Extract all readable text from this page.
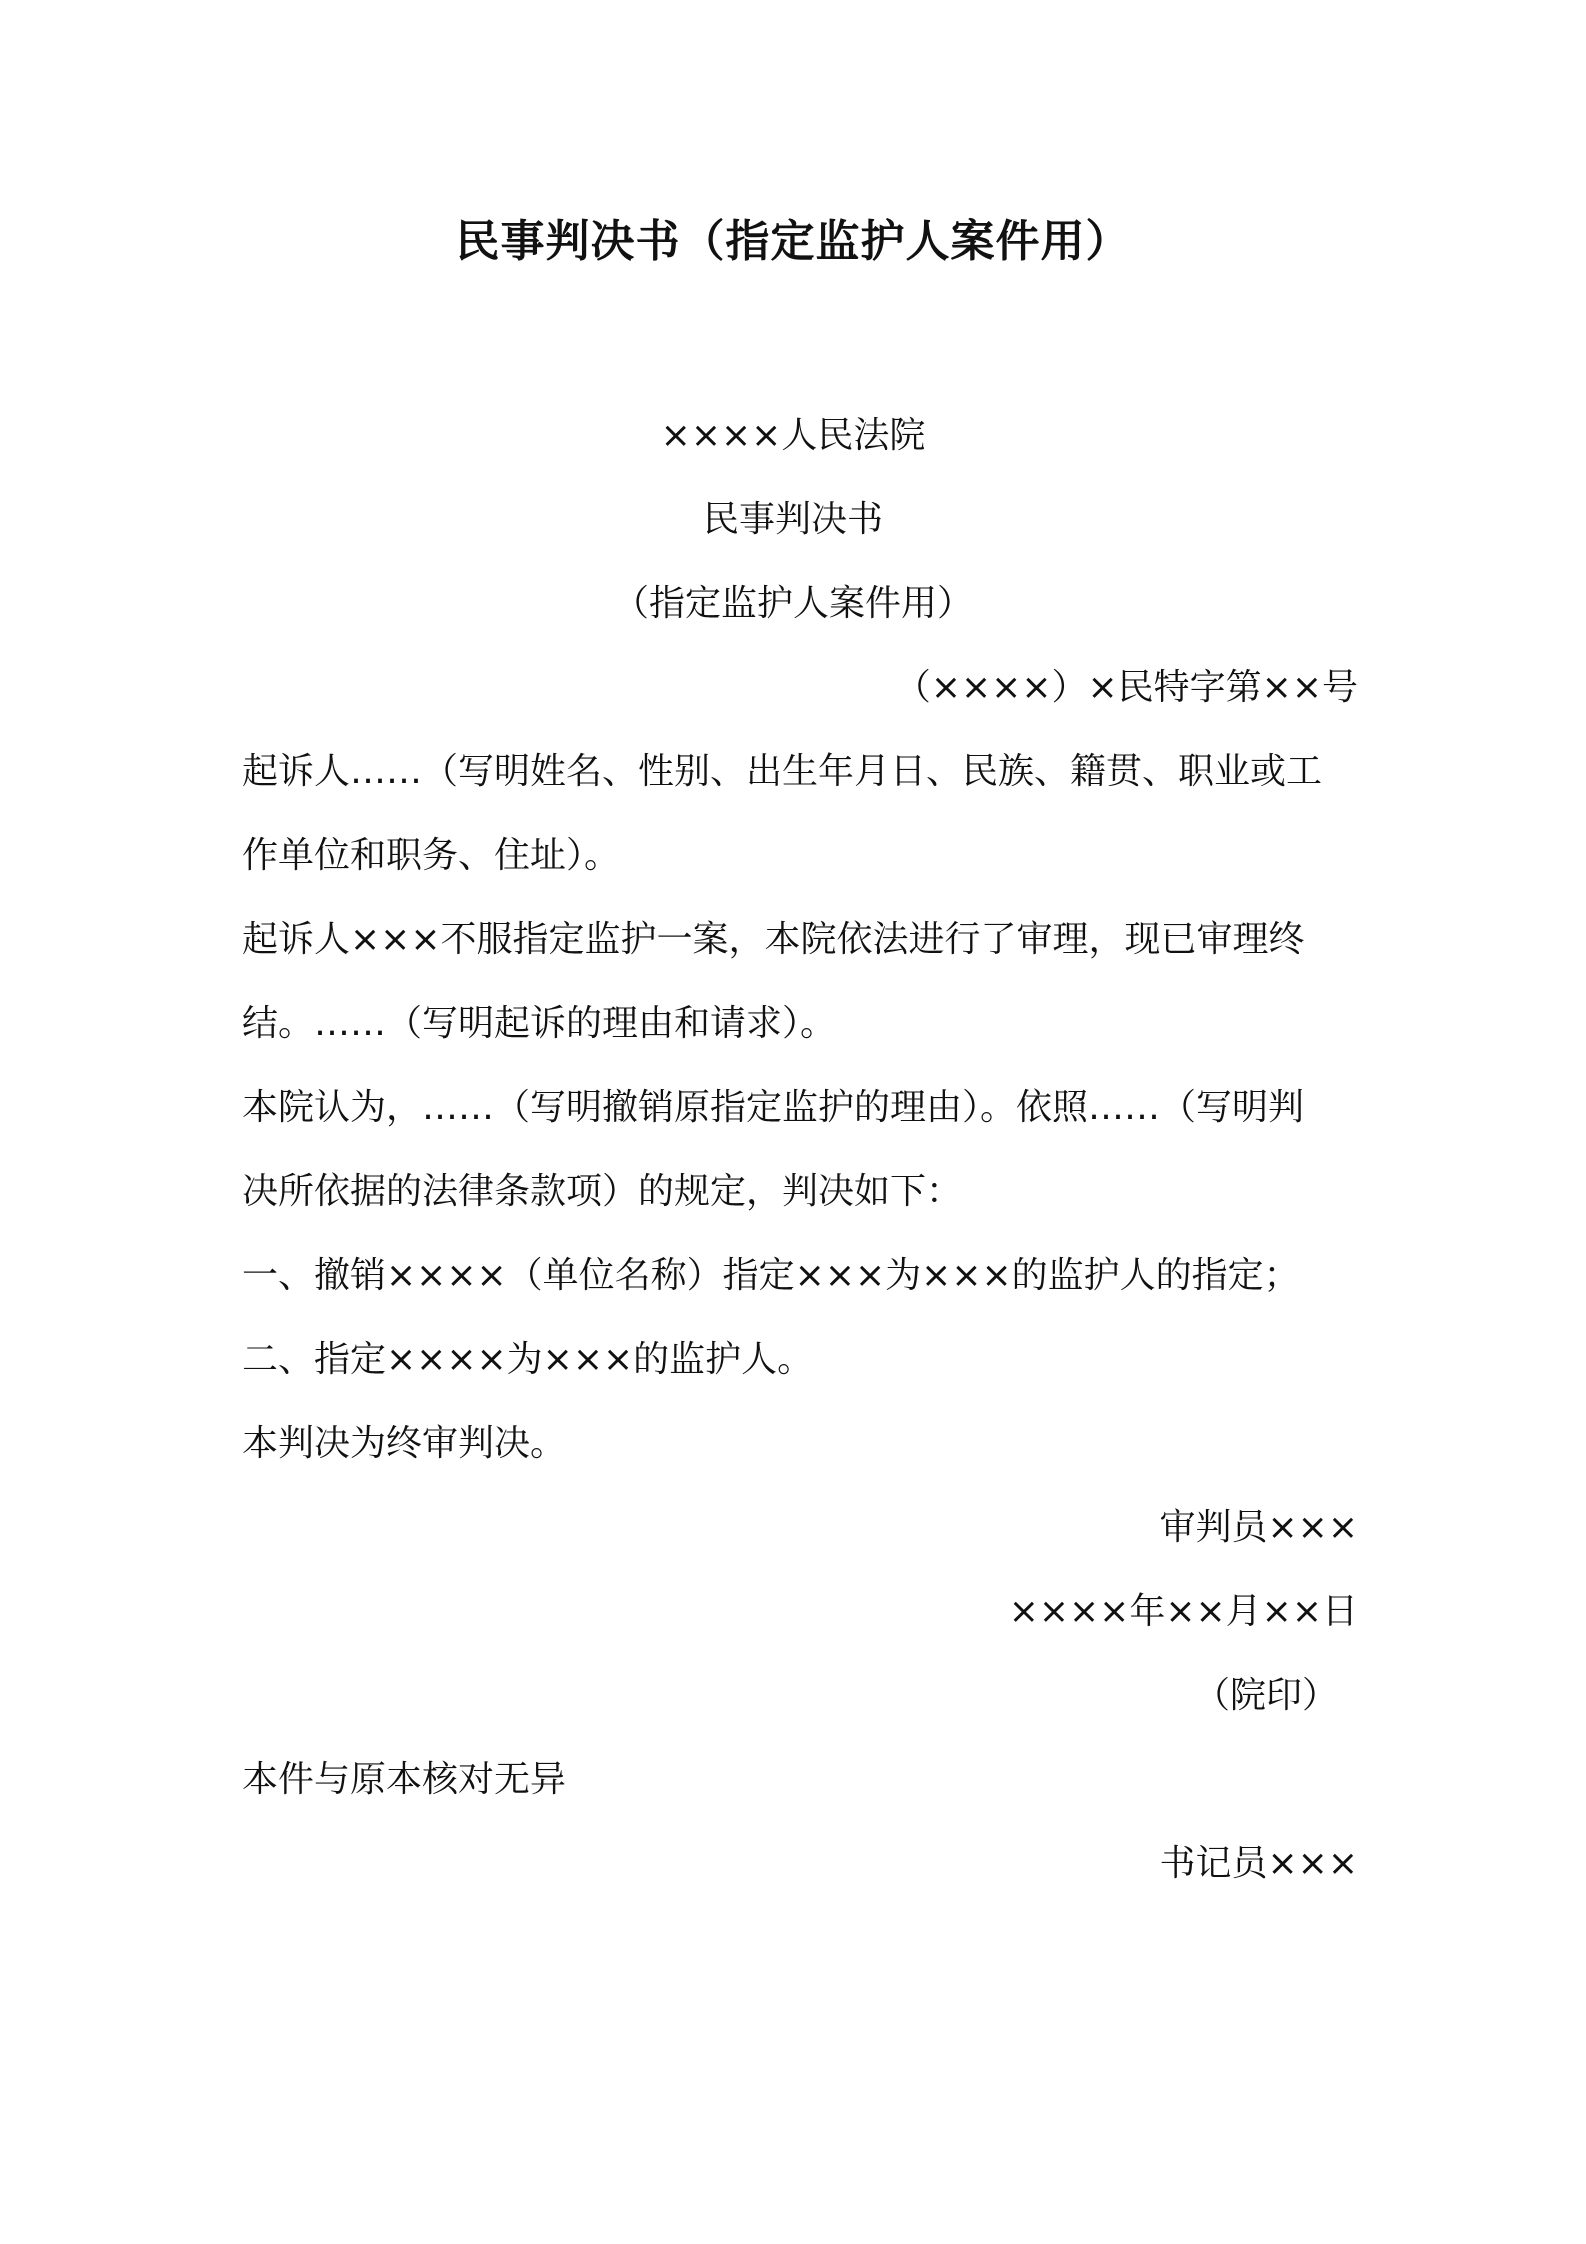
民事判决书（指定监护人案件用）
××××人民法院
民事判决书
（指定监护人案件用）
（××××）×民特字第××号
起诉人……（写明姓名、性别、出生年月日、民族、籍贯、职业或工
作单位和职务、住址）。
起诉人×××不服指定监护一案，本院依法进行了审理，现已审理终
结。……（写明起诉的理由和请求）。
本院认为，……（写明撤销原指定监护的理由）。依照……（写明判
决所依据的法律条款项）的规定，判决如下：
一、撤销××××（单位名称）指定×××为×××的监护人的指定；
二、指定××××为×××的监护人。
本判决为终审判决。
审判员×××
××××年××月××日
（院印）
本件与原本核对无异
书记员×××
